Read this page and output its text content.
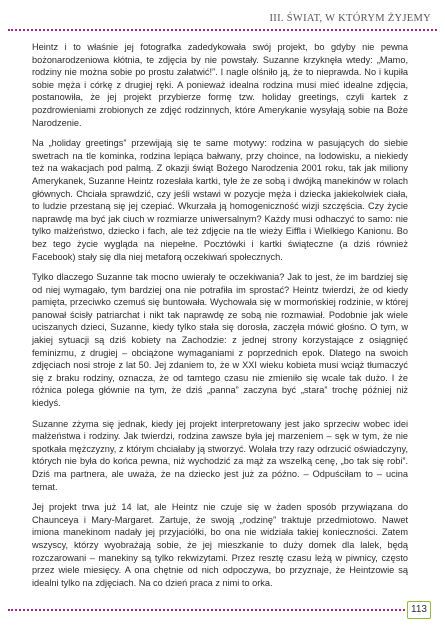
III. ŚWIAT, W KTÓRYM ŻYJEMY

Heintz i to właśnie jej fotografka zadedykowała swój projekt, bo gdyby nie pewna bożonarodzeniowa kłótnia, te zdjęcia by nie powstały. Suzanne krzyknęła wtedy: „Mamo, rodziny nie można sobie po prostu załatwić!”. I nagle olśniło ją, że to nieprawda. No i kupiła sobie męża i córkę z drugiej ręki. A ponieważ idealna rodzina musi mieć idealne zdjęcia, postanowiła, że jej projekt przybierze formę tzw. holiday greetings, czyli kartek z pozdrowieniami zrobionych ze zdjęć rodzinnych, które Amerykanie wysyłają sobie na Boże Narodzenie.

Na „holiday greetings” przewijają się te same motywy: rodzina w pasujących do siebie swetrach na tle kominka, rodzina lepiąca bałwany, przy choince, na lodowisku, a niekiedy też na wakacjach pod palmą. Z okazji świąt Bożego Narodzenia 2001 roku, tak jak miliony Amerykanek, Suzanne Heintz rozesłała kartki, tyle że ze sobą i dwójką manekinów w rolach głównych. Chciała sprawdzić, czy jeśli wstawi w pozycje męża i dziecka jakiekolwiek ciała, to ludzie przestaną się jej czepiać. Wkurzała ją homogeniczność wizji szczęścia. Czy życie naprawdę ma być jak ciuch w rozmiarze uniwersalnym? Każdy musi odhaczyć to samo: nie tylko małżeństwo, dziecko i fach, ale też zdjęcie na tle wieży Eiffla i Wielkiego Kanionu. Bo bez tego życie wygląda na niepełne. Pocztówki i kartki świąteczne (a dziś również Facebook) stały się dla niej metaforą oczekiwań społecznych.

Tylko dlaczego Suzanne tak mocno uwierały te oczekiwania? Jak to jest, że im bardziej się od niej wymagało, tym bardziej ona nie potrafiła im sprostać? Heintz twierdzi, że od kiedy pamięta, przeciwko czemuś się buntowała. Wychowała się w mormońskiej rodzinie, w której panował ścisły patriarchat i nikt tak naprawdę ze sobą nie rozmawiał. Podobnie jak wiele uciszanych dzieci, Suzanne, kiedy tylko stała się dorosła, zaczęła mówić głośno. O tym, w jakiej sytuacji są dziś kobiety na Zachodzie: z jednej strony korzystające z osiągnięć feminizmu, z drugiej – obciążone wymaganiami z poprzednich epok. Dlatego na swoich zdjęciach nosi stroje z lat 50. Jej zdaniem to, że w XXI wieku kobieta musi wciąż tłumaczyć się z braku rodziny, oznacza, że od tamtego czasu nie zmieniło się wcale tak dużo. I że różnica polega głównie na tym, że dziś „panna” zaczyna być „stara” trochę później niż kiedyś.

Suzanne zżyma się jednak, kiedy jej projekt interpretowany jest jako sprzeciw wobec idei małżeństwa i rodziny. Jak twierdzi, rodzina zawsze była jej marzeniem – sęk w tym, że nie spotkała mężczyzny, z którym chciałaby ją stworzyć. Wolała trzy razy odrzucić oświadczyny, których nie była do końca pewna, niż wychodzić za mąż za wszelką cenę, „bo tak się robi”. Dziś ma partnera, ale uważa, że na dziecko jest już za późno. – Odpuściłam to – ucina temat.

Jej projekt trwa już 14 lat, ale Heintz nie czuje się w żaden sposób przywiązana do Chaunceya i Mary-Margaret. Zartuje, że swoją „rodzinę” traktuje przedmiotowo. Nawet imiona manekinom nadały jej przyjaciółki, bo ona nie widziała takiej konieczności. Zatem wszyscy, którzy wyobrażają sobie, że jej mieszkanie to duży domek dla lalek, będą rozczarowani – manekiny są tylko rekwizytami. Przez resztę czasu leżą w piwnicy, często przez wiele miesięcy. A ona chętnie od nich odpoczywa, bo przyznaje, że Heintzowie są idealni tylko na zdjęciach. Na co dzień praca z nimi to orka.

113
